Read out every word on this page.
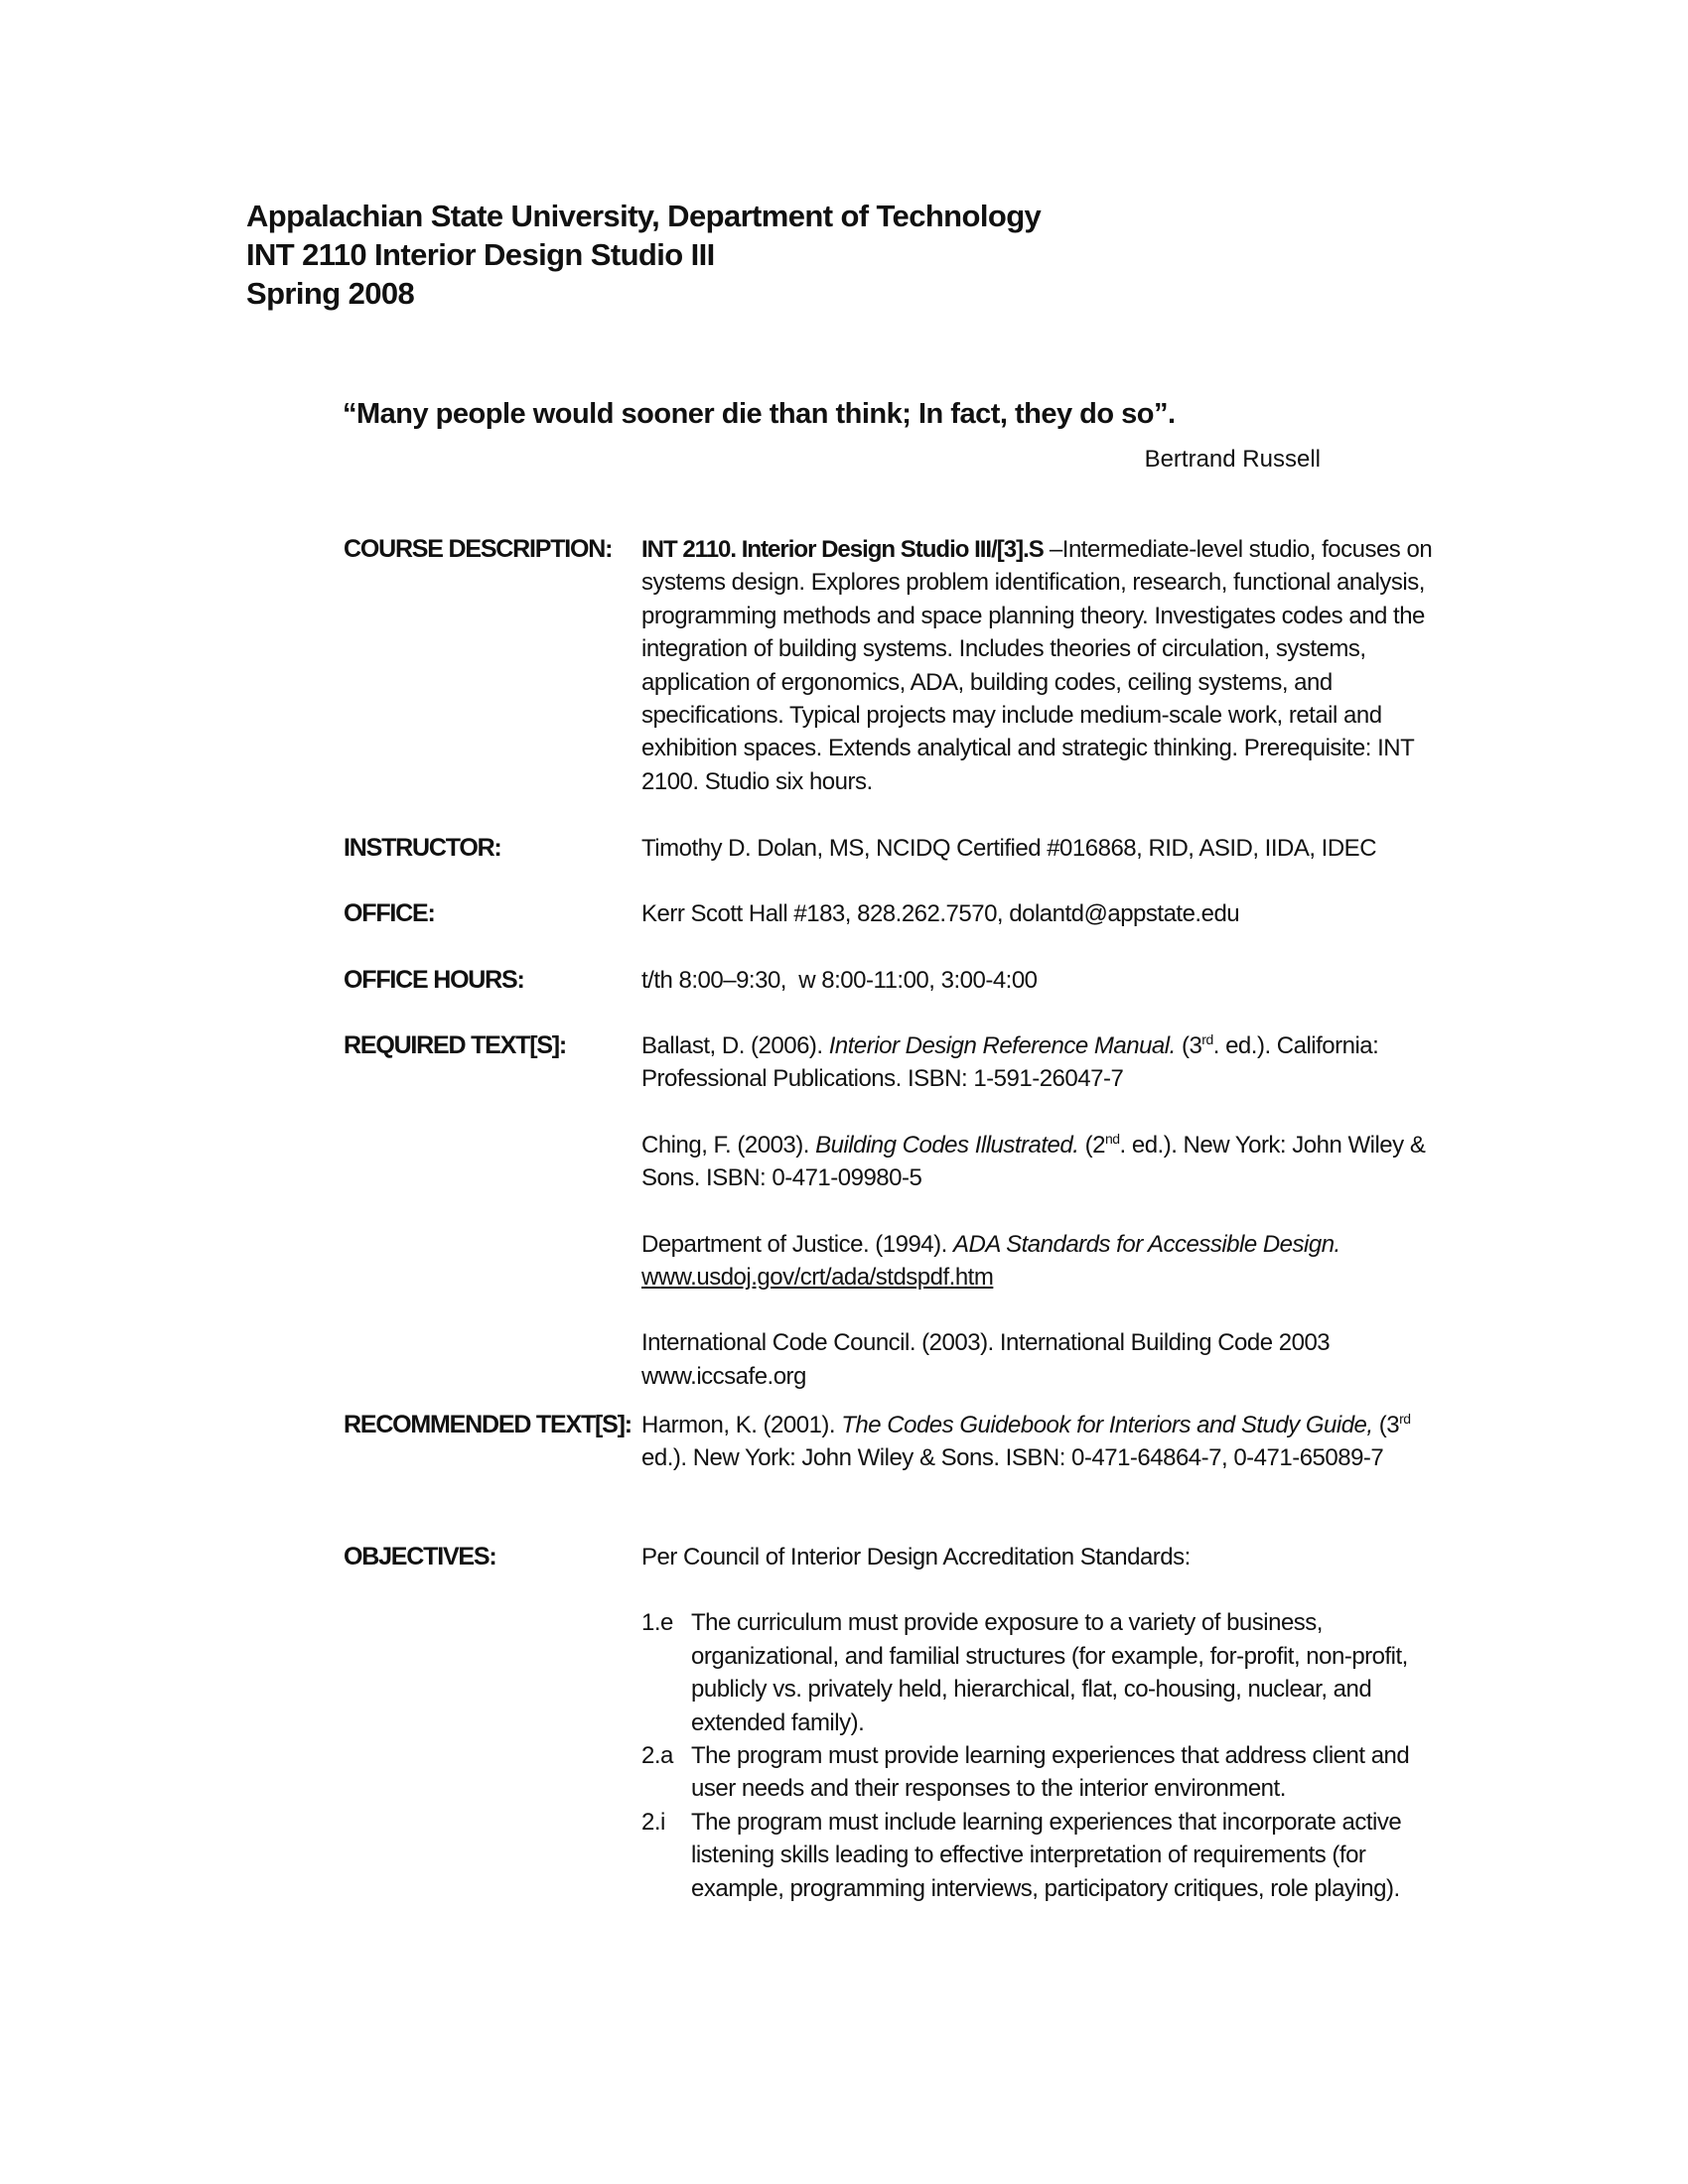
Appalachian State University, Department of Technology
INT 2110 Interior Design Studio III
Spring 2008
“Many people would sooner die than think; In fact, they do so”.
Bertrand Russell
COURSE DESCRIPTION: INT 2110. Interior Design Studio III/[3].S –Intermediate-level studio, focuses on systems design. Explores problem identification, research, functional analysis, programming methods and space planning theory. Investigates codes and the integration of building systems. Includes theories of circulation, systems, application of ergonomics, ADA, building codes, ceiling systems, and specifications. Typical projects may include medium-scale work, retail and exhibition spaces. Extends analytical and strategic thinking. Prerequisite: INT 2100. Studio six hours.
INSTRUCTOR:	Timothy D. Dolan, MS, NCIDQ Certified #016868, RID, ASID, IIDA, IDEC
OFFICE:	Kerr Scott Hall #183, 828.262.7570, dolantd@appstate.edu
OFFICE HOURS:	t/th 8:00–9:30,  w 8:00-11:00, 3:00-4:00
REQUIRED TEXT[S]:	Ballast, D. (2006). Interior Design Reference Manual. (3rd. ed.). California: Professional Publications. ISBN: 1-591-26047-7
Ching, F. (2003). Building Codes Illustrated. (2nd. ed.). New York: John Wiley & Sons. ISBN: 0-471-09980-5
Department of Justice. (1994). ADA Standards for Accessible Design.
www.usdoj.gov/crt/ada/stdspdf.htm
International Code Council. (2003). International Building Code 2003
www.iccsafe.org
RECOMMENDED TEXT[S]: Harmon, K. (2001). The Codes Guidebook for Interiors and Study Guide, (3rd ed.). New York: John Wiley & Sons. ISBN: 0-471-64864-7, 0-471-65089-7
OBJECTIVES:	Per Council of Interior Design Accreditation Standards:
1.e The curriculum must provide exposure to a variety of business, organizational, and familial structures (for example, for-profit, non-profit, publicly vs. privately held, hierarchical, flat, co-housing, nuclear, and extended family).
2.a The program must provide learning experiences that address client and user needs and their responses to the interior environment.
2.i The program must include learning experiences that incorporate active listening skills leading to effective interpretation of requirements (for example, programming interviews, participatory critiques, role playing).
